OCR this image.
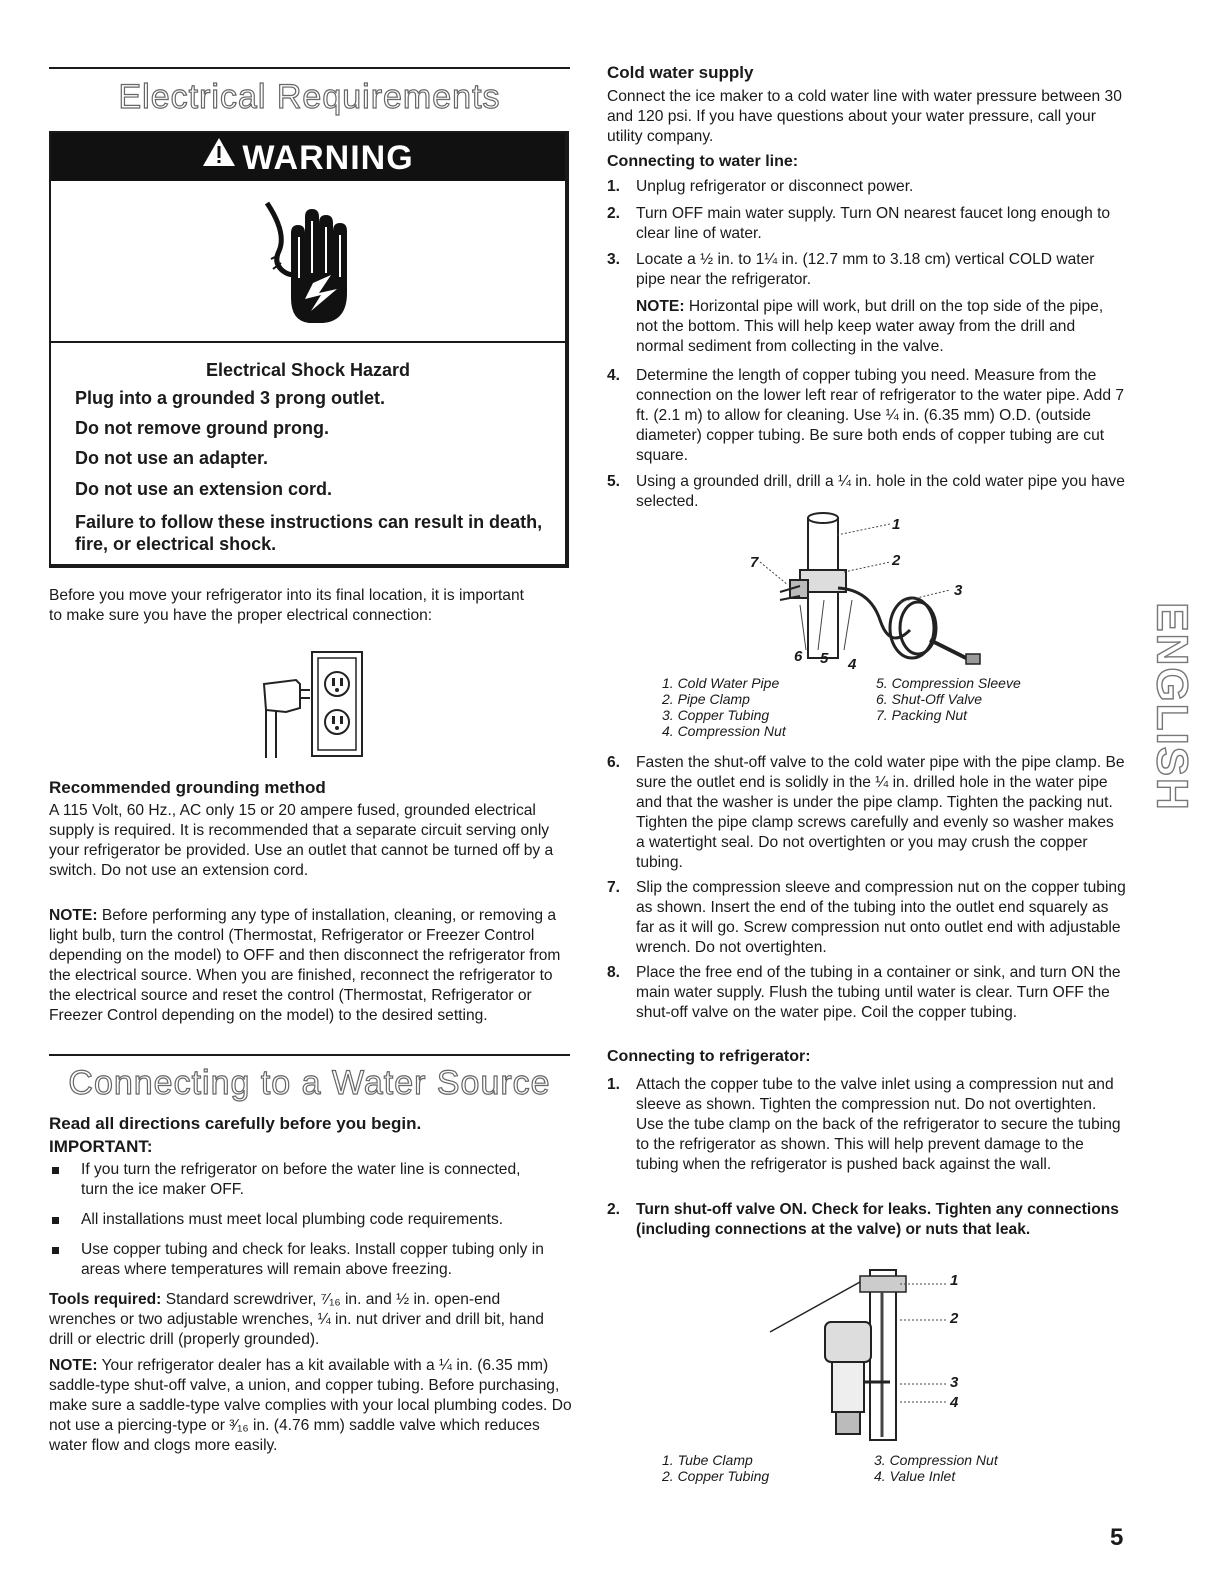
Electrical Requirements
WARNING
Electrical Shock Hazard
Plug into a grounded 3 prong outlet.
Do not remove ground prong.
Do not use an adapter.
Do not use an extension cord.
Failure to follow these instructions can result in death, fire, or electrical shock.
Before you move your refrigerator into its final location, it is important to make sure you have the proper electrical connection:
Recommended grounding method
A 115 Volt, 60 Hz., AC only 15 or 20 ampere fused, grounded electrical supply is required. It is recommended that a separate circuit serving only your refrigerator be provided. Use an outlet that cannot be turned off by a switch. Do not use an extension cord.
NOTE: Before performing any type of installation, cleaning, or removing a light bulb, turn the control (Thermostat, Refrigerator or Freezer Control depending on the model) to OFF and then disconnect the refrigerator from the electrical source. When you are finished, reconnect the refrigerator to the electrical source and reset the control (Thermostat, Refrigerator or Freezer Control depending on the model) to the desired setting.
Connecting to a Water Source
Read all directions carefully before you begin.
IMPORTANT:
If you turn the refrigerator on before the water line is connected, turn the ice maker OFF.
All installations must meet local plumbing code requirements.
Use copper tubing and check for leaks. Install copper tubing only in areas where temperatures will remain above freezing.
Tools required: Standard screwdriver, ⁷⁄₁₆ in. and ½ in. open-end wrenches or two adjustable wrenches, ¼ in. nut driver and drill bit, hand drill or electric drill (properly grounded).
NOTE: Your refrigerator dealer has a kit available with a ¼ in. (6.35 mm) saddle-type shut-off valve, a union, and copper tubing. Before purchasing, make sure a saddle-type valve complies with your local plumbing codes. Do not use a piercing-type or ³⁄₁₆ in. (4.76 mm) saddle valve which reduces water flow and clogs more easily.
Cold water supply
Connect the ice maker to a cold water line with water pressure between 30 and 120 psi. If you have questions about your water pressure, call your utility company.
Connecting to water line:
1. Unplug refrigerator or disconnect power.
2. Turn OFF main water supply. Turn ON nearest faucet long enough to clear line of water.
3. Locate a ½ in. to 1¼ in. (12.7 mm to 3.18 cm) vertical COLD water pipe near the refrigerator.
NOTE: Horizontal pipe will work, but drill on the top side of the pipe, not the bottom. This will help keep water away from the drill and normal sediment from collecting in the valve.
4. Determine the length of copper tubing you need. Measure from the connection on the lower left rear of refrigerator to the water pipe. Add 7 ft. (2.1 m) to allow for cleaning. Use ¼ in. (6.35 mm) O.D. (outside diameter) copper tubing. Be sure both ends of copper tubing are cut square.
5. Using a grounded drill, drill a ¼ in. hole in the cold water pipe you have selected.
1
2
3
4
5
6
7
1. Cold Water Pipe
2. Pipe Clamp
3. Copper Tubing
4. Compression Nut
5. Compression Sleeve
6. Shut-Off Valve
7. Packing Nut
6. Fasten the shut-off valve to the cold water pipe with the pipe clamp. Be sure the outlet end is solidly in the ¼ in. drilled hole in the water pipe and that the washer is under the pipe clamp. Tighten the packing nut. Tighten the pipe clamp screws carefully and evenly so washer makes a watertight seal. Do not overtighten or you may crush the copper tubing.
7. Slip the compression sleeve and compression nut on the copper tubing as shown. Insert the end of the tubing into the outlet end squarely as far as it will go. Screw compression nut onto outlet end with adjustable wrench. Do not overtighten.
8. Place the free end of the tubing in a container or sink, and turn ON the main water supply. Flush the tubing until water is clear. Turn OFF the shut-off valve on the water pipe. Coil the copper tubing.
Connecting to refrigerator:
1. Attach the copper tube to the valve inlet using a compression nut and sleeve as shown. Tighten the compression nut. Do not overtighten. Use the tube clamp on the back of the refrigerator to secure the tubing to the refrigerator as shown. This will help prevent damage to the tubing when the refrigerator is pushed back against the wall.
2. Turn shut-off valve ON. Check for leaks. Tighten any connections (including connections at the valve) or nuts that leak.
1
2
3
4
1. Tube Clamp
2. Copper Tubing
3. Compression Nut
4. Value Inlet
ENGLISH
5
